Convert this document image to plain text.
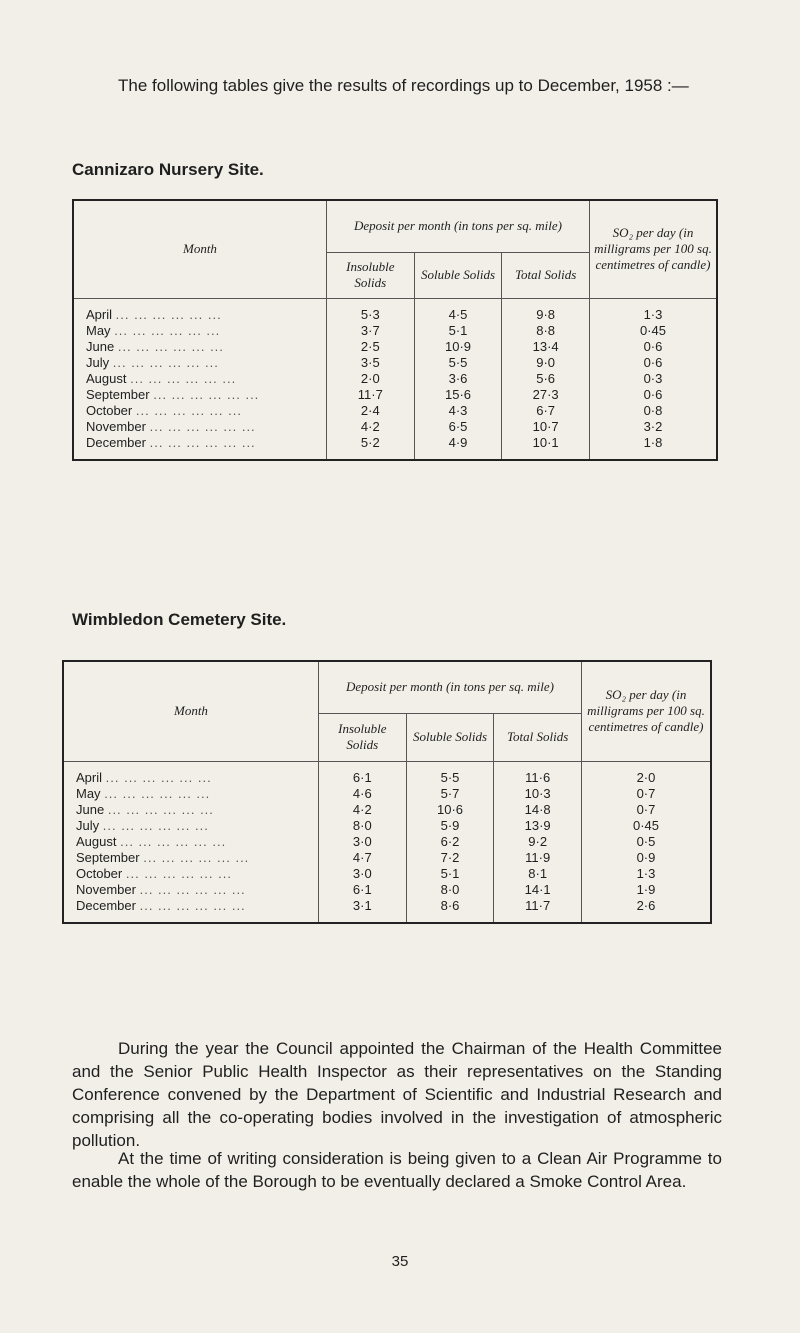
The following tables give the results of recordings up to December, 1958 :—

Cannizaro Nursery Site.
Month	Deposit per month (in tons per sq. mile)			SO₂ per day (in milligrams per 100 sq. centimetres of candle)
	Insoluble Solids	Soluble Solids	Total Solids	
April ... ... ... ... ... ...	5·3	4·5	9·8	1·3
May ... ... ... ... ... ...	3·7	5·1	8·8	0·45
June ... ... ... ... ... ...	2·5	10·9	13·4	0·6
July ... ... ... ... ... ...	3·5	5·5	9·0	0·6
August ... ... ... ... ... ...	2·0	3·6	5·6	0·3
September ... ... ... ... ... ...	11·7	15·6	27·3	0·6
October ... ... ... ... ... ...	2·4	4·3	6·7	0·8
November ... ... ... ... ... ...	4·2	6·5	10·7	3·2
December ... ... ... ... ... ...	5·2	4·9	10·1	1·8
Wimbledon Cemetery Site.
Month	Deposit per month (in tons per sq. mile)			SO₂ per day (in milligrams per 100 sq. centimetres of candle)
	Insoluble Solids	Soluble Solids	Total Solids	
April ... ... ... ... ... ...	6·1	5·5	11·6	2·0
May ... ... ... ... ... ...	4·6	5·7	10·3	0·7
June ... ... ... ... ... ...	4·2	10·6	14·8	0·7
July ... ... ... ... ... ...	8·0	5·9	13·9	0·45
August ... ... ... ... ... ...	3·0	6·2	9·2	0·5
September ... ... ... ... ... ...	4·7	7·2	11·9	0·9
October ... ... ... ... ... ...	3·0	5·1	8·1	1·3
November ... ... ... ... ... ...	6·1	8·0	14·1	1·9
December ... ... ... ... ... ...	3·1	8·6	11·7	2·6

During the year the Council appointed the Chairman of the Health Committee and the Senior Public Health Inspector as their representatives on the Standing Conference convened by the Department of Scientific and Industrial Research and comprising all the co-operating bodies involved in the investigation of atmospheric pollution.

At the time of writing consideration is being given to a Clean Air Programme to enable the whole of the Borough to be eventually declared a Smoke Control Area.

35
